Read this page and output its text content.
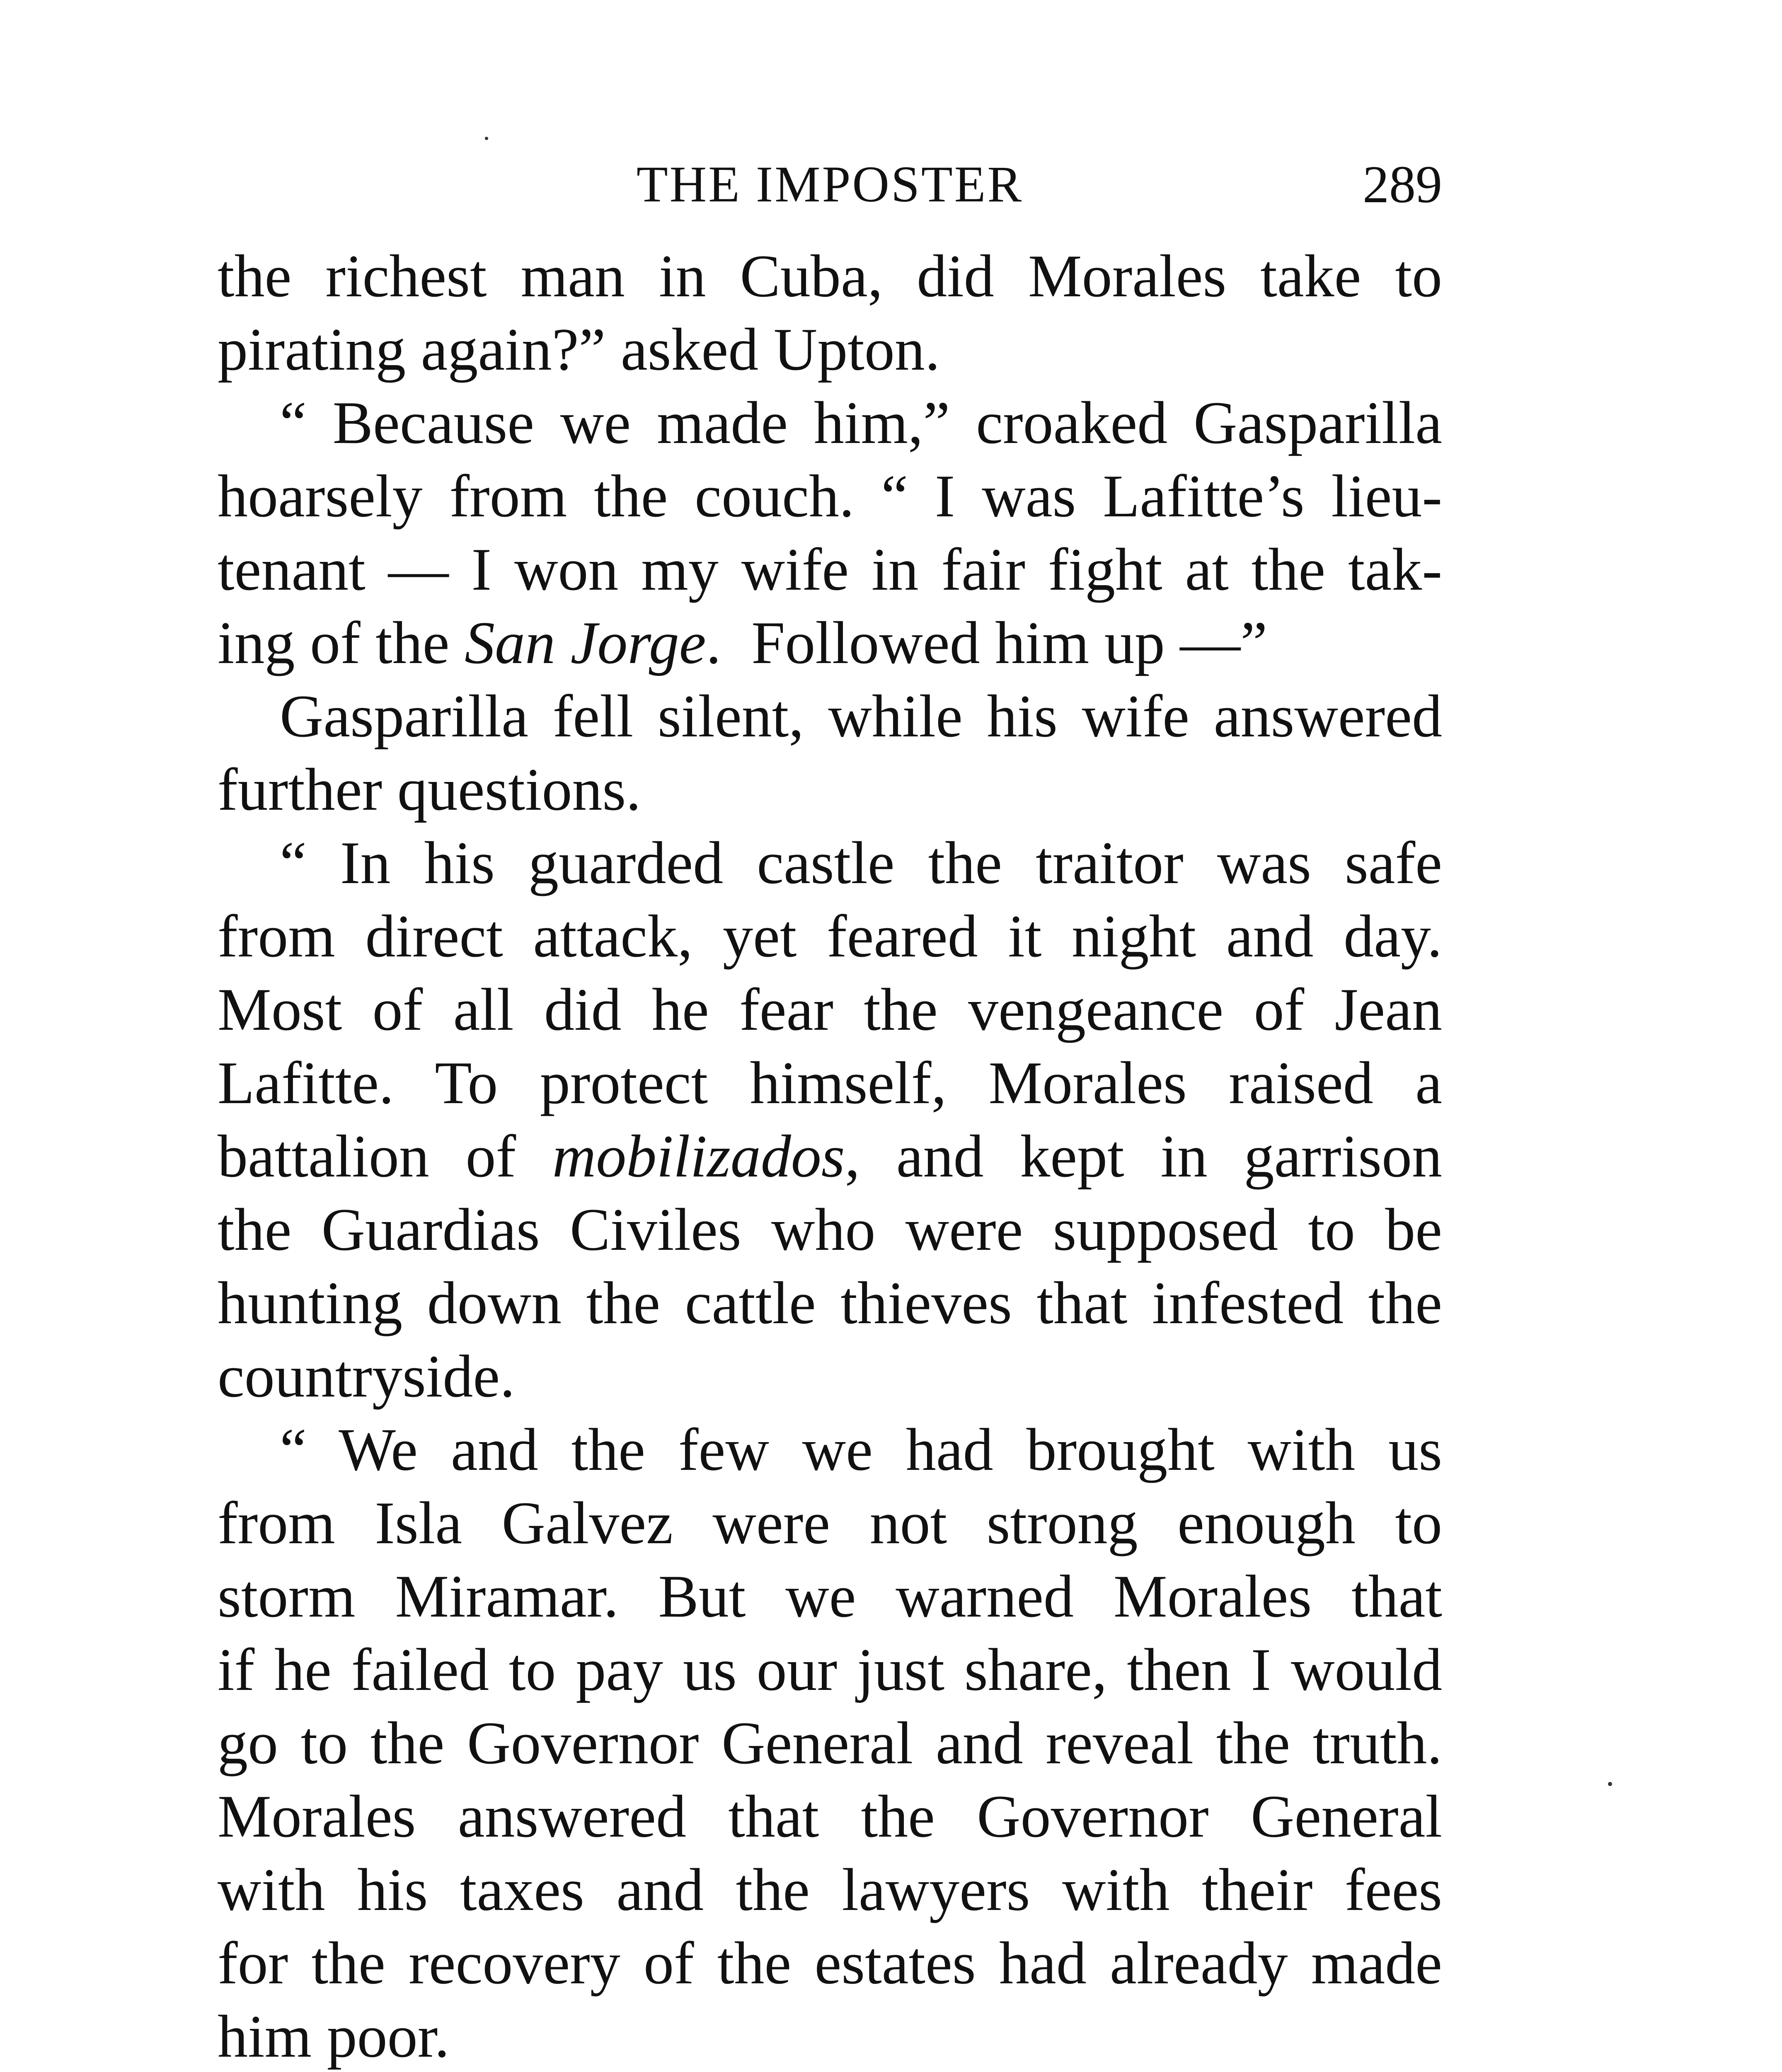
THE IMPOSTER	289
the richest man in Cuba, did Morales take to
pirating again?” asked Upton.
“ Because we made him,” croaked Gasparilla
hoarsely from the couch. “ I was Lafitte’s lieu-
tenant — I won my wife in fair fight at the tak-
ing of the San Jorge.  Followed him up —”
Gasparilla fell silent, while his wife answered
further questions.
“ In his guarded castle the traitor was safe
from direct attack, yet feared it night and day.
Most of all did he fear the vengeance of Jean
Lafitte. To protect himself, Morales raised a
battalion of mobilizados, and kept in garrison
the Guardias Civiles who were supposed to be
hunting down the cattle thieves that infested the
countryside.
“ We and the few we had brought with us
from Isla Galvez were not strong enough to
storm Miramar. But we warned Morales that
if he failed to pay us our just share, then I would
go to the Governor General and reveal the truth.
Morales answered that the Governor General
with his taxes and the lawyers with their fees
for the recovery of the estates had already made
him poor.
